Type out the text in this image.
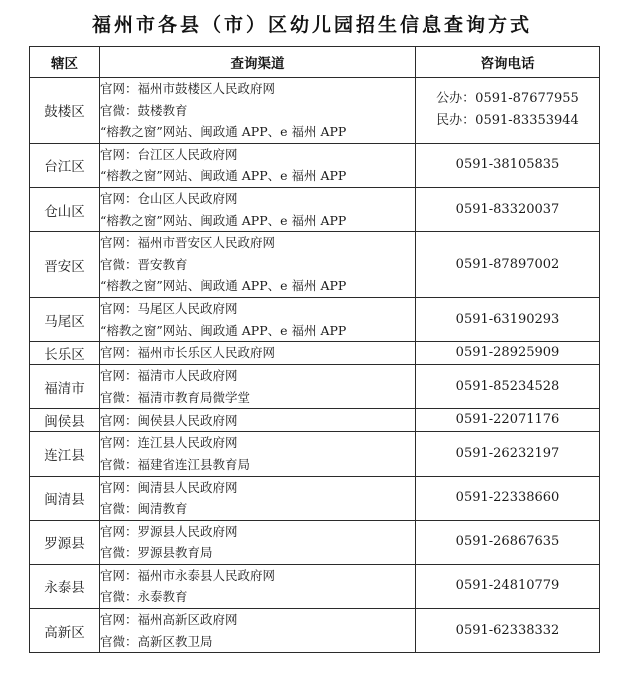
福州市各县（市）区幼儿园招生信息查询方式
辖区	查询渠道	咨询电话
鼓楼区	官网：福州市鼓楼区人民政府网
官微：鼓楼教育
“榕教之窗”网站、闽政通 APP、e 福州 APP	公办：0591-87677955
民办：0591-83353944

台江区	官网：台江区人民政府网
“榕教之窗”网站、闽政通 APP、e 福州 APP	0591-38105835

仓山区	官网：仓山区人民政府网
“榕教之窗”网站、闽政通 APP、e 福州 APP	0591-83320037

晋安区	官网：福州市晋安区人民政府网
官微：晋安教育
“榕教之窗”网站、闽政通 APP、e 福州 APP	0591-87897002

马尾区	官网：马尾区人民政府网
“榕教之窗”网站、闽政通 APP、e 福州 APP	0591-63190293

长乐区	官网：福州市长乐区人民政府网	0591-28925909

福清市	官网：福清市人民政府网
官微：福清市教育局微学堂	0591-85234528

闽侯县	官网：闽侯县人民政府网	0591-22071176

连江县	官网：连江县人民政府网
官微：福建省连江县教育局	0591-26232197

闽清县	官网：闽清县人民政府网
官微：闽清教育	0591-22338660

罗源县	官网：罗源县人民政府网
官微：罗源县教育局	0591-26867635

永泰县	官网：福州市永泰县人民政府网
官微：永泰教育	0591-24810779

高新区	官网：福州高新区政府网
官微：高新区教卫局	0591-62338332
